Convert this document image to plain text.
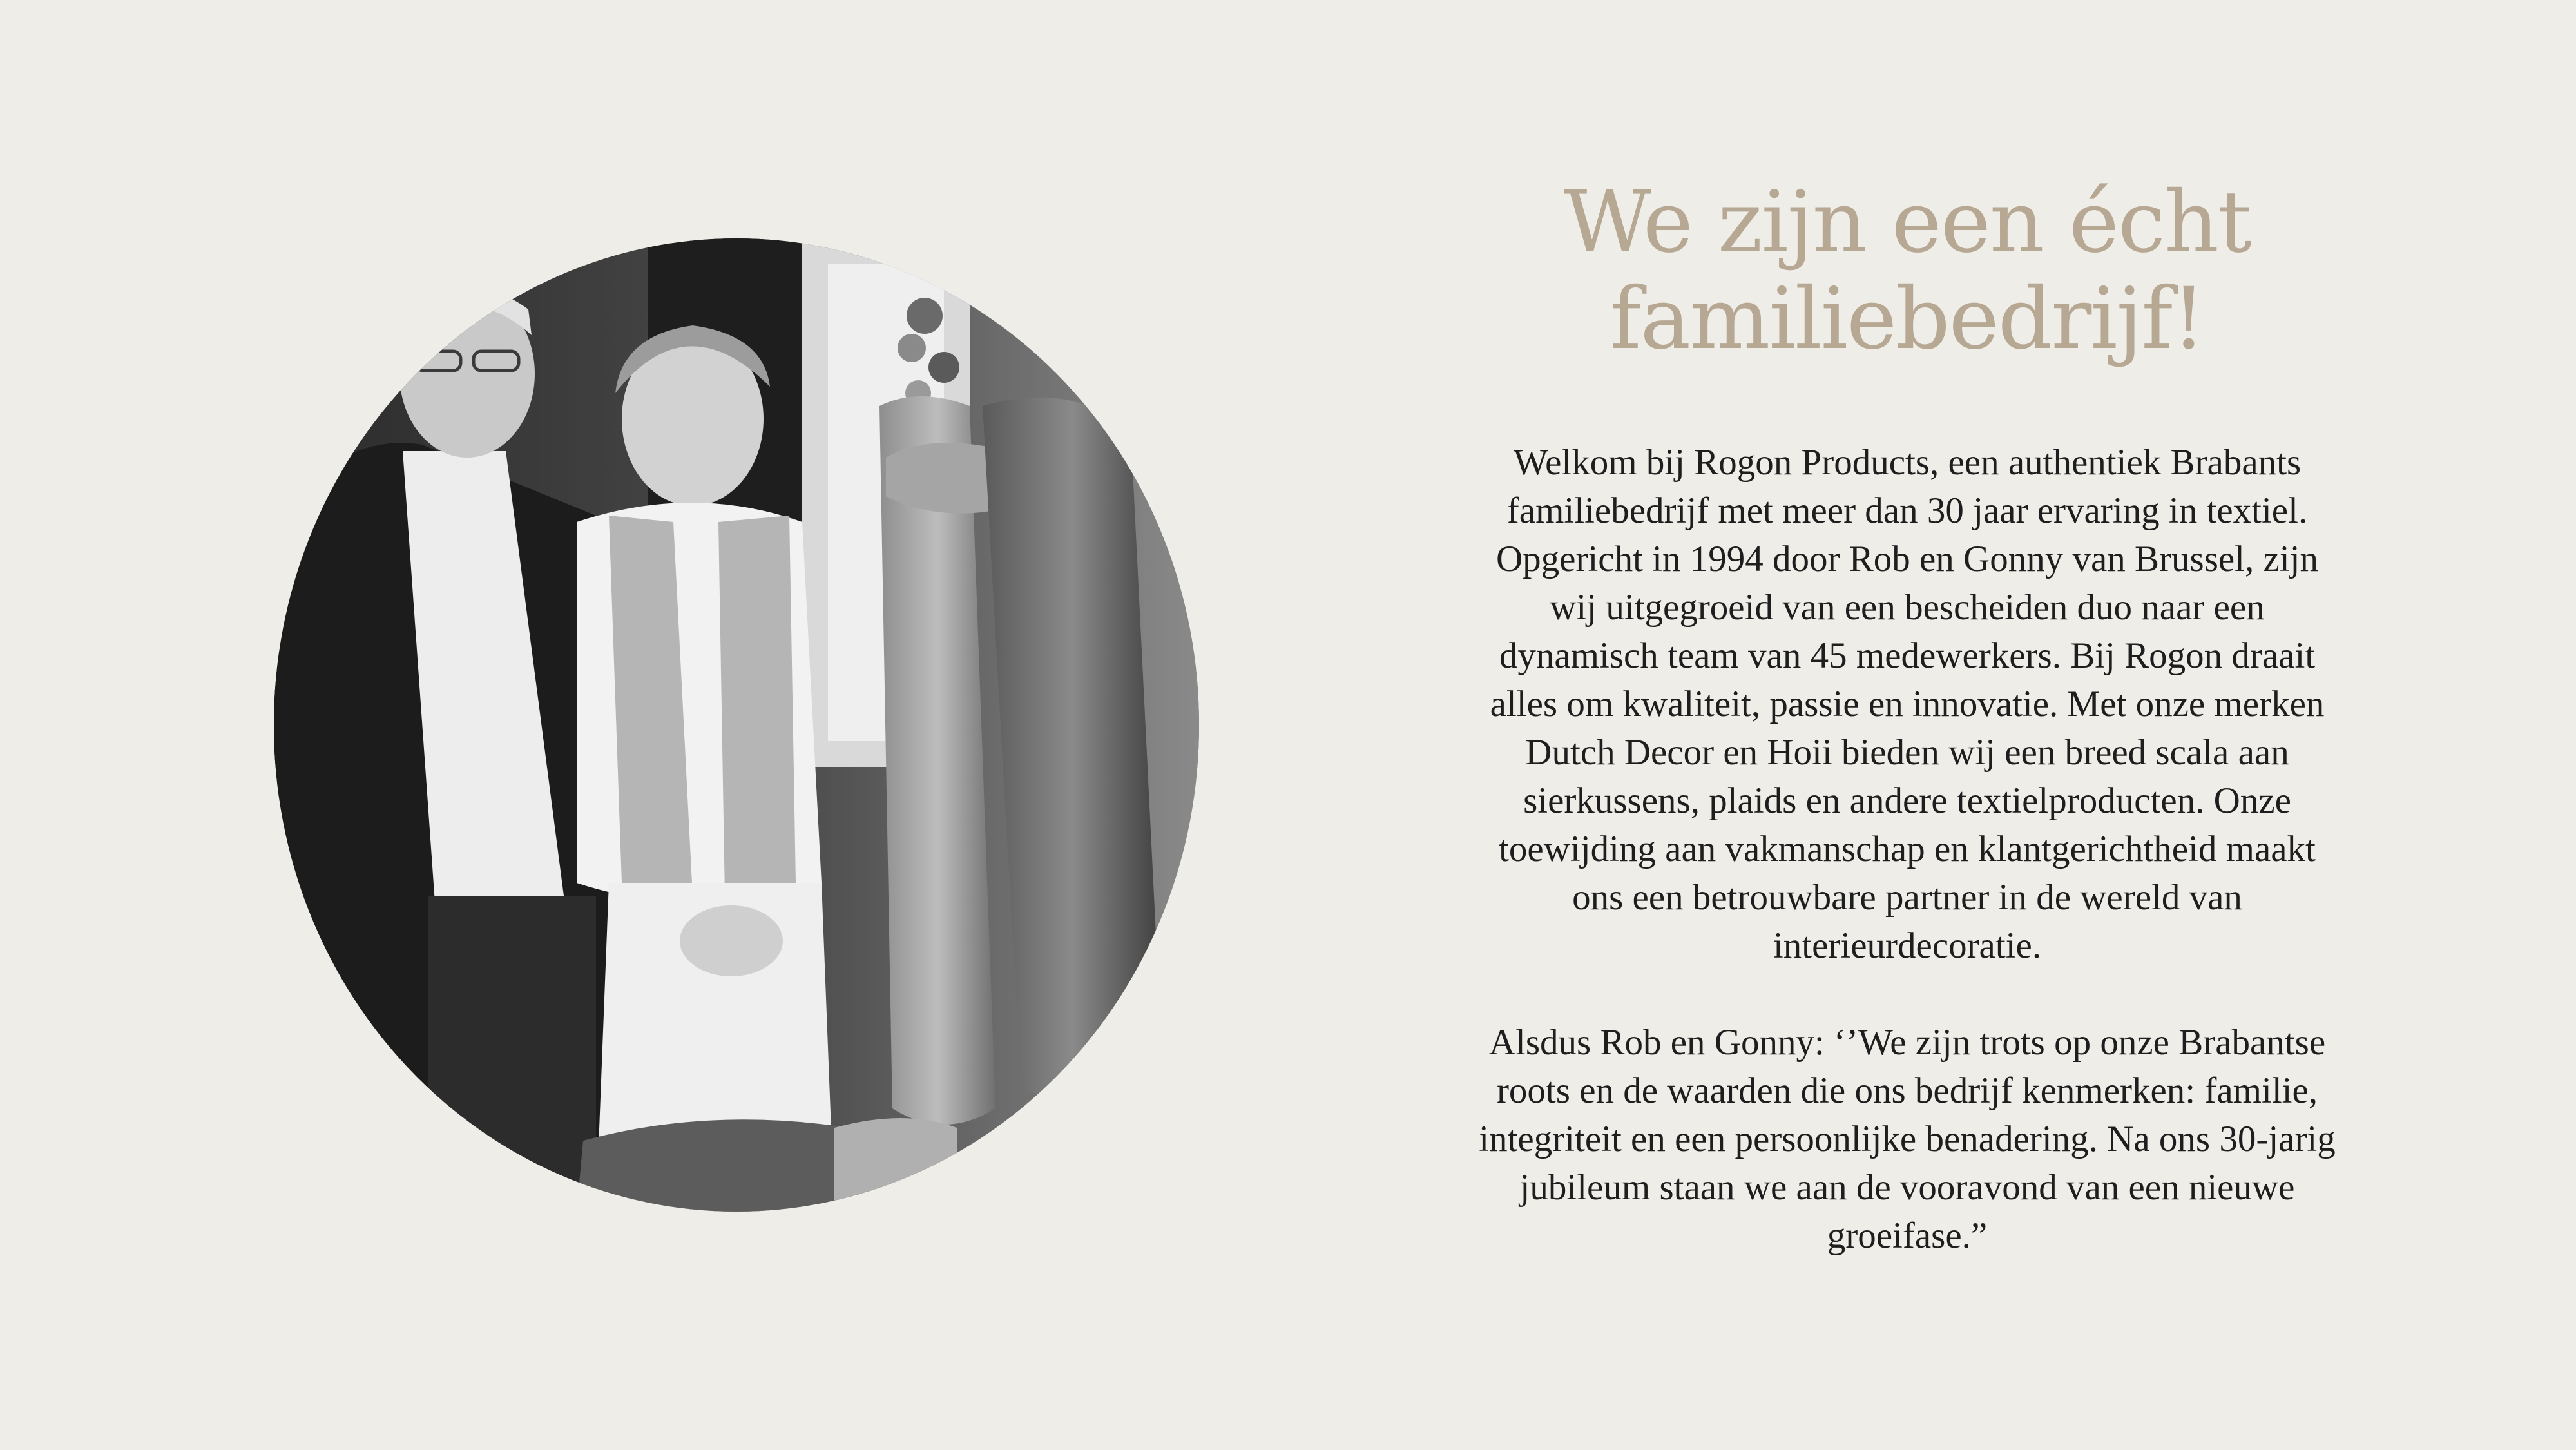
We zijn een écht
familiebedrijf!

Welkom bij Rogon Products, een authentiek Brabants familiebedrijf met meer dan 30 jaar ervaring in textiel. Opgericht in 1994 door Rob en Gonny van Brussel, zijn wij uitgegroeid van een bescheiden duo naar een dynamisch team van 45 medewerkers. Bij Rogon draait alles om kwaliteit, passie en innovatie. Met onze merken Dutch Decor en Hoii bieden wij een breed scala aan sierkussens, plaids en andere textielproducten. Onze toewijding aan vakmanschap en klantgerichtheid maakt ons een betrouwbare partner in de wereld van interieurdecoratie.

Alsdus Rob en Gonny: ‘’We zijn trots op onze Brabantse roots en de waarden die ons bedrijf kenmerken: familie, integriteit en een persoonlijke benadering. Na ons 30-jarig jubileum staan we aan de vooravond van een nieuwe groeifase.”
